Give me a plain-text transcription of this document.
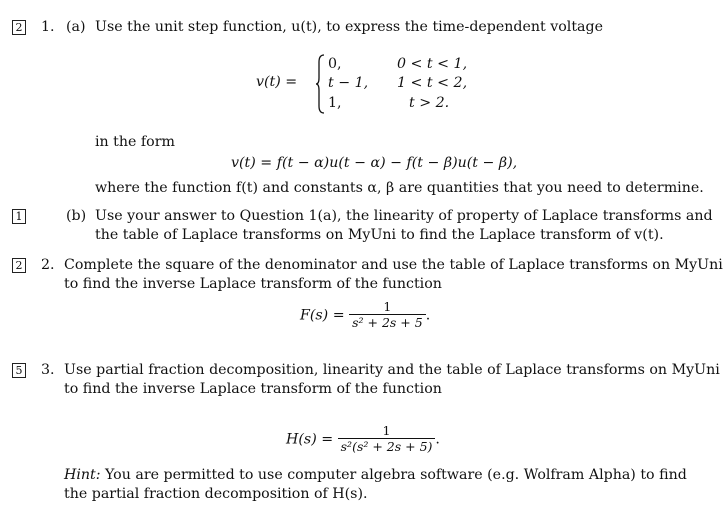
2 1. (a) Use the unit step function, u(t), to express the time-dependent voltage
v(t) =
0,	0 < t < 1,
t − 1, 1 < t < 2,
1,	t > 2.
in the form
v(t) = f(t − α)u(t − α) − f(t − β)u(t − β),
where the function f(t) and constants α, β are quantities that you need to determine.
1	(b) Use your answer to Question 1(a), the linearity of property of Laplace transforms and
the table of Laplace transforms on MyUni to find the Laplace transform of v(t).
2 2. Complete the square of the denominator and use the table of Laplace transforms on MyUni
to find the inverse Laplace transform of the function
$F(s) = \frac{1}{\text{s² + 2s + 5}}$ .
5 3. Use partial fraction decomposition, linearity and the table of Laplace transforms on MyUni
to find the inverse Laplace transform of the function
$H(s) = \frac{1}{\text{s²(s² + 2s + 5)}}$ .
Hint: You are permitted to use computer algebra software (e.g. Wolfram Alpha) to find
the partial fraction decomposition of H(s).
